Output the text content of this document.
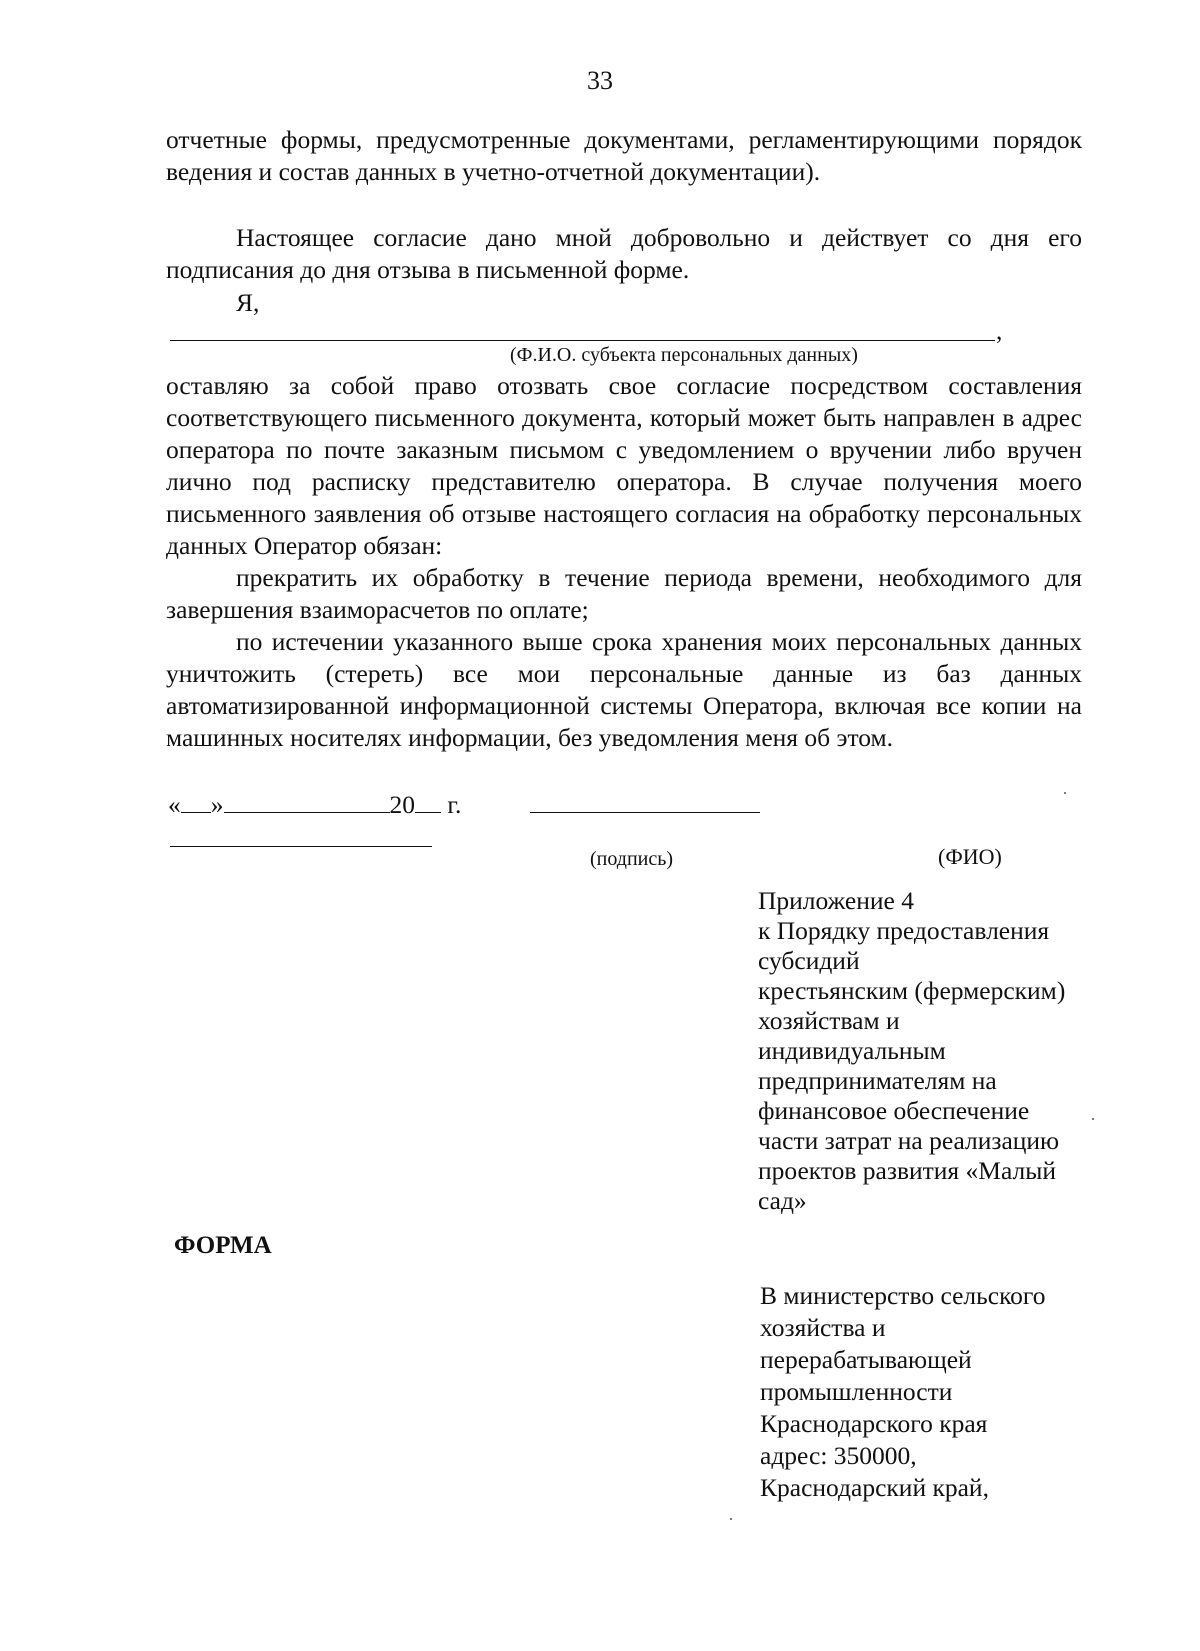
33
отчетные формы, предусмотренные документами, регламентирующими порядок ведения и состав данных в учетно-отчетной документации).
Настоящее согласие дано мной добровольно и действует со дня его подписания до дня отзыва в письменной форме.
Я,
,
(Ф.И.О. субъекта персональных данных)
оставляю за собой право отозвать свое согласие посредством составления соответствующего письменного документа, который может быть направлен в адрес оператора по почте заказным письмом с уведомлением о вручении либо вручен лично под расписку представителю оператора. В случае получения моего письменного заявления об отзыве настоящего согласия на обработку персональных данных Оператор обязан:
прекратить их обработку в течение периода времени, необходимого для завершения взаиморасчетов по оплате;
по истечении указанного выше срока хранения моих персональных данных уничтожить (стереть) все мои персональные данные из баз данных автоматизированной информационной системы Оператора, включая все копии на машинных носителях информации, без уведомления меня об этом.
« »	20 г.
(подпись)	(ФИО)
Приложение 4
к Порядку предоставления
субсидий
крестьянским (фермерским)
хозяйствам и
индивидуальным
предпринимателям на
финансовое обеспечение
части затрат на реализацию
проектов развития «Малый
сад»
ФОРМА
В министерство сельского
хозяйства и
перерабатывающей
промышленности
Краснодарского края
адрес: 350000,
Краснодарский край,
